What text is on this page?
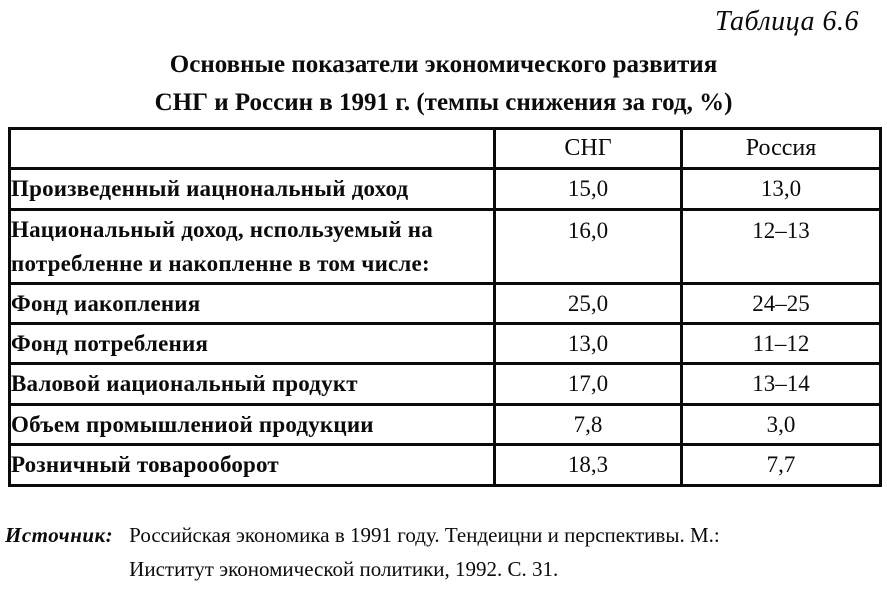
Таблица 6.6
Основные показатели экономического развития
СНГ и Россин в 1991 г. (темпы снижения за год, %)
	СНГ	Россия
Произведенный иацнональный доход	15,0	13,0
Национальный доход, нспользуемый на потребленне и накопленне в том числе:	16,0	12–13
Фонд иакопления	25,0	24–25
Фонд потребления	13,0	11–12
Валовой иациональный продукт	17,0	13–14
Объем промышлениой продукции	7,8	3,0
Розничный товарооборот	18,3	7,7
Источник: Российская экономика в 1991 году. Тендеицни и перспективы. М.:
Ииститут экономической политики, 1992. С. 31.
